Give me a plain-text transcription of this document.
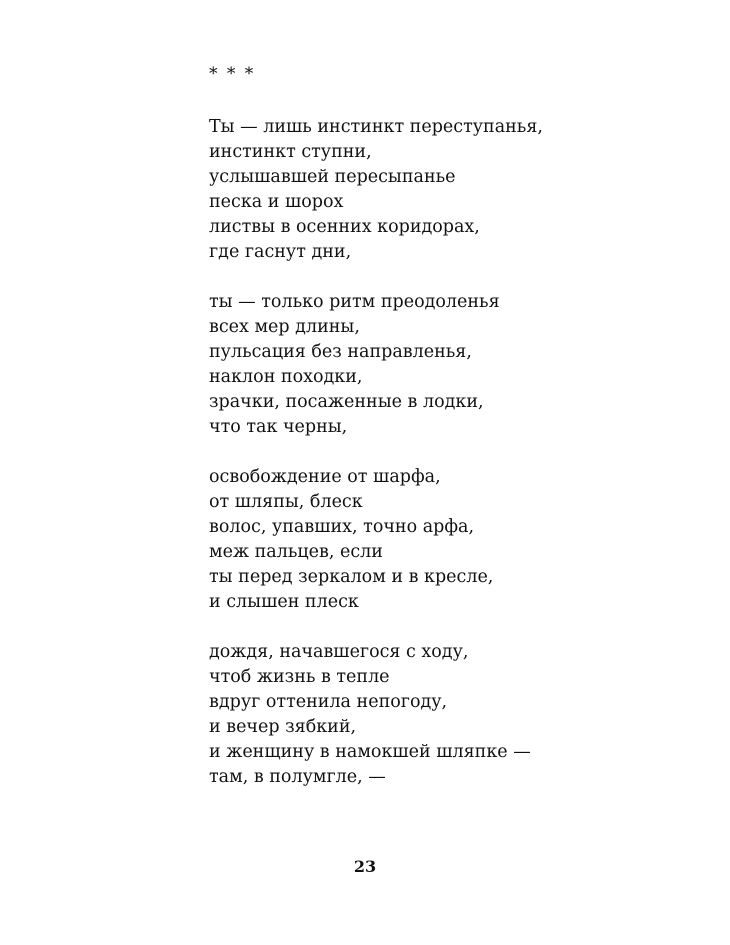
* * *
Ты — лишь инстинкт переступанья,
инстинкт ступни,
услышавшей пересыпанье
песка и шорох
листвы в осенних коридорах,
где гаснут дни,
ты — только ритм преодоленья
всех мер длины,
пульсация без направленья,
наклон походки,
зрачки, посаженные в лодки,
что так черны,
освобождение от шарфа,
от шляпы, блеск
волос, упавших, точно арфа,
меж пальцев, если
ты перед зеркалом и в кресле,
и слышен плеск
дождя, начавшегося с ходу,
чтоб жизнь в тепле
вдруг оттенила непогоду,
и вечер зябкий,
и женщину в намокшей шляпке —
там, в полумгле, —
23
